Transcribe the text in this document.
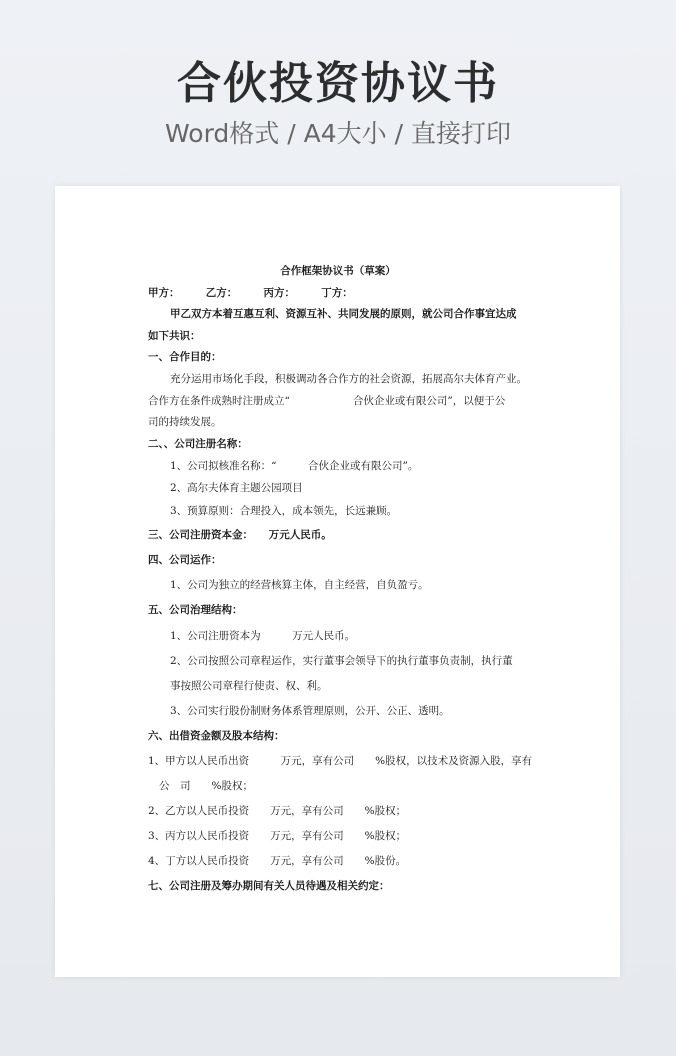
合伙投资协议书
Word格式 / A4大小 / 直接打印
合作框架协议书（草案）
甲方：　　　乙方：　　　丙方：　　　丁方：
甲乙双方本着互惠互利、资源互补、共同发展的原则，就公司合作事宜达成
如下共识：
一、合作目的：
充分运用市场化手段，积极调动各合作方的社会资源，拓展高尔夫体育产业。
合作方在条件成熟时注册成立“　　　　　　合伙企业或有限公司”，以便于公
司的持续发展。
二、、公司注册名称：
1、公司拟核准名称：“　　　合伙企业或有限公司”。
2、高尔夫体育主题公园项目
3、预算原则：合理投入，成本领先，长远兼顾。
三、公司注册资本金：　　万元人民币。
四、公司运作：
1、公司为独立的经营核算主体，自主经营，自负盈亏。
五、公司治理结构：
1、公司注册资本为　　　万元人民币。
2、公司按照公司章程运作，实行董事会领导下的执行董事负责制，执行董
事按照公司章程行使责、权、利。
3、公司实行股份制财务体系管理原则，公开、公正、透明。
六、出借资金额及股本结构：
1、甲方以人民币出资　　　万元，享有公司　　%股权，以技术及资源入股，享有
公　司　　%股权；
2、乙方以人民币投资　　万元，享有公司　　%股权；
3、丙方以人民币投资　　万元，享有公司　　%股权；
4、丁方以人民币投资　　万元，享有公司　　%股份。
七、公司注册及筹办期间有关人员待遇及相关约定：
